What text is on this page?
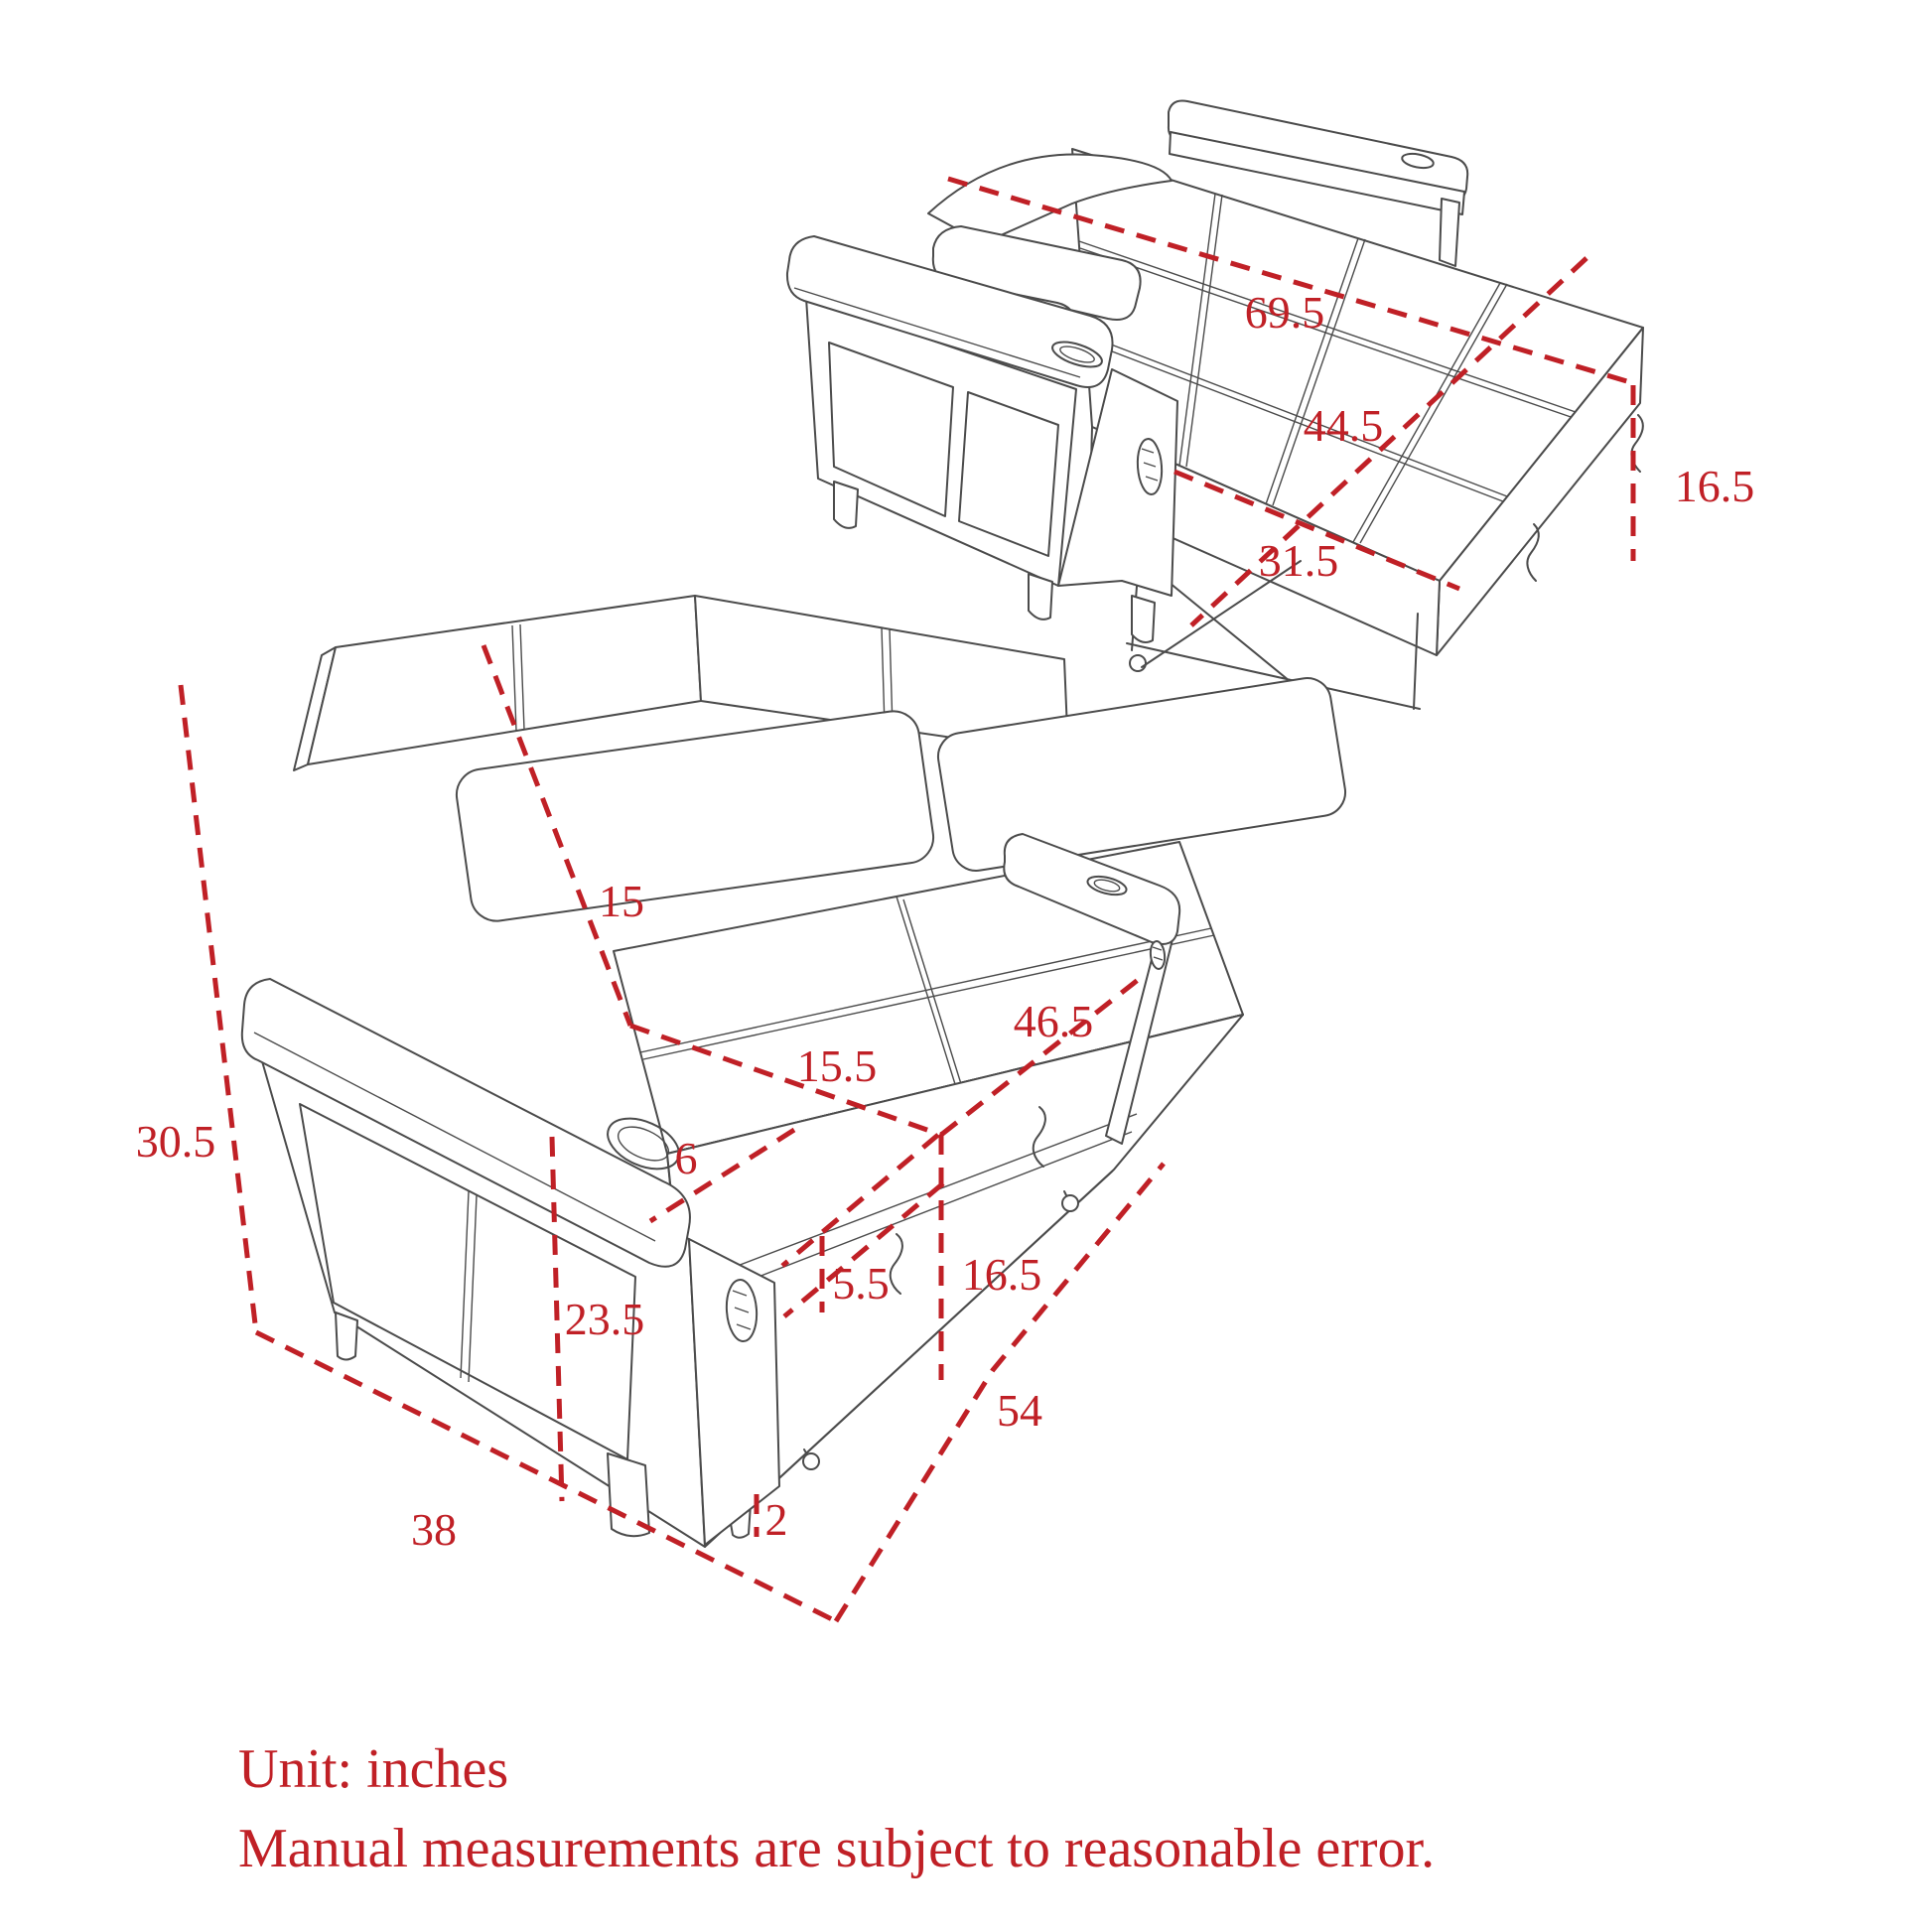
69.5
44.5
16.5
31.5
15
15.5
46.5
6
30.5
5.5 16.5
23.5
54
38	2
Unit: inches
Manual measurements are subject to reasonable error.
